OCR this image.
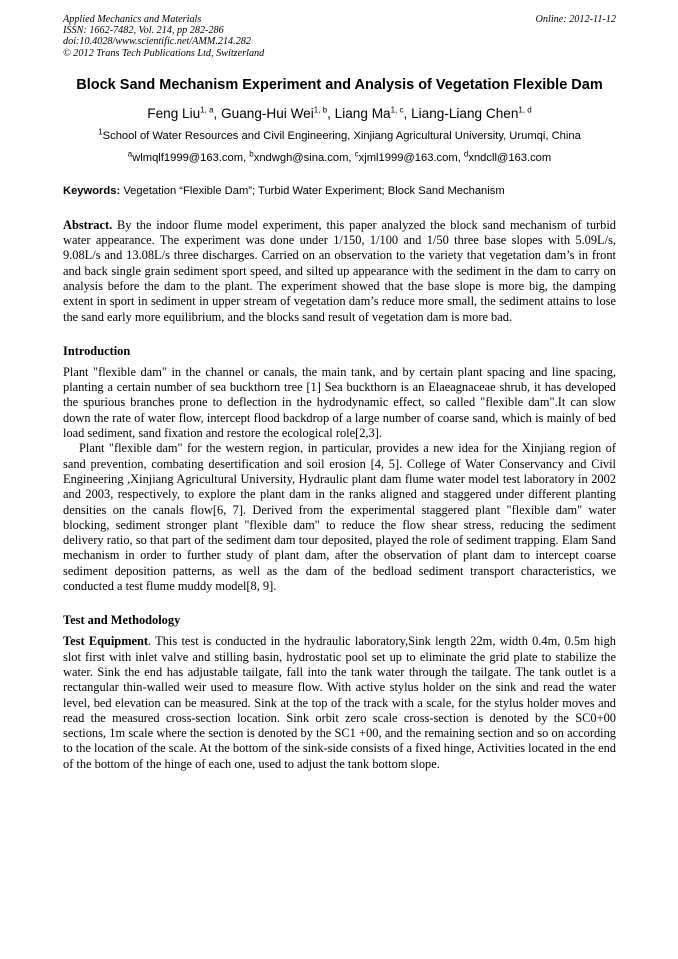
Applied Mechanics and Materials
ISSN: 1662-7482, Vol. 214, pp 282-286
doi:10.4028/www.scientific.net/AMM.214.282
© 2012 Trans Tech Publications Ltd, Switzerland
Online: 2012-11-12
Block Sand Mechanism Experiment and Analysis of Vegetation Flexible Dam
Feng Liu$^{1, a}$, Guang-Hui Wei$^{1, b}$, Liang Ma$^{1, c}$, Liang-Liang Chen$^{1, d}$
$^1$School of Water Resources and Civil Engineering, Xinjiang Agricultural University, Urumqi, China
$^a$wlmqlf1999@163.com, $^b$xndwgh@sina.com, $^c$xjml1999@163.com, $^d$xndcll@163.com
Keywords: Vegetation “Flexible Dam”; Turbid Water Experiment; Block Sand Mechanism
Abstract. By the indoor flume model experiment, this paper analyzed the block sand mechanism of turbid water appearance. The experiment was done under 1/150, 1/100 and 1/50 three base slopes with 5.09L/s, 9.08L/s and 13.08L/s three discharges. Carried on an observation to the variety that vegetation dam’s in front and back single grain sediment sport speed, and silted up appearance with the sediment in the dam to carry on analysis before the dam to the plant. The experiment showed that the base slope is more big, the damping extent in sport in sediment in upper stream of vegetation dam’s reduce more small, the sediment attains to lose the sand early more equilibrium, and the blocks sand result of vegetation dam is more bad.
Introduction

Plant "flexible dam" in the channel or canals, the main tank, and by certain plant spacing and line spacing, planting a certain number of sea buckthorn tree [1] Sea buckthorn is an Elaeagnaceae shrub, it has developed the spurious branches prone to deflection in the hydrodynamic effect, so called "flexible dam".It can slow down the rate of water flow, intercept flood backdrop of a large number of coarse sand, which is mainly of bed load sediment, sand fixation and restore the ecological role[2,3].

Plant "flexible dam" for the western region, in particular, provides a new idea for the Xinjiang region of sand prevention, combating desertification and soil erosion [4, 5]. College of Water Conservancy and Civil Engineering ,Xinjiang Agricultural University, Hydraulic plant dam flume water model test laboratory in 2002 and 2003, respectively, to explore the plant dam in the ranks aligned and staggered under different planting densities on the canals flow[6, 7]. Derived from the experimental staggered plant "flexible dam" water blocking, sediment stronger plant "flexible dam" to reduce the flow shear stress, reducing the sediment delivery ratio, so that part of the sediment dam tour deposited, played the role of sediment trapping. Elam Sand mechanism in order to further study of plant dam, after the observation of plant dam to intercept coarse sediment deposition patterns, as well as the dam of the bedload sediment transport characteristics, we conducted a test flume muddy model[8, 9].

Test and Methodology

Test Equipment. This test is conducted in the hydraulic laboratory,Sink length 22m, width 0.4m, 0.5m high slot first with inlet valve and stilling basin, hydrostatic pool set up to eliminate the grid plate to stabilize the water. Sink the end has adjustable tailgate, fall into the tank water through the tailgate. The tank outlet is a rectangular thin-walled weir used to measure flow. With active stylus holder on the sink and read the water level, bed elevation can be measured. Sink at the top of the track with a scale, for the stylus holder moves and read the measured cross-section location. Sink orbit zero scale cross-section is denoted by the SC0+00 sections, 1m scale where the section is denoted by the SC1 +00, and the remaining section and so on according to the location of the scale. At the bottom of the sink-side consists of a fixed hinge, Activities located in the end of the bottom of the hinge of each one, used to adjust the tank bottom slope.
